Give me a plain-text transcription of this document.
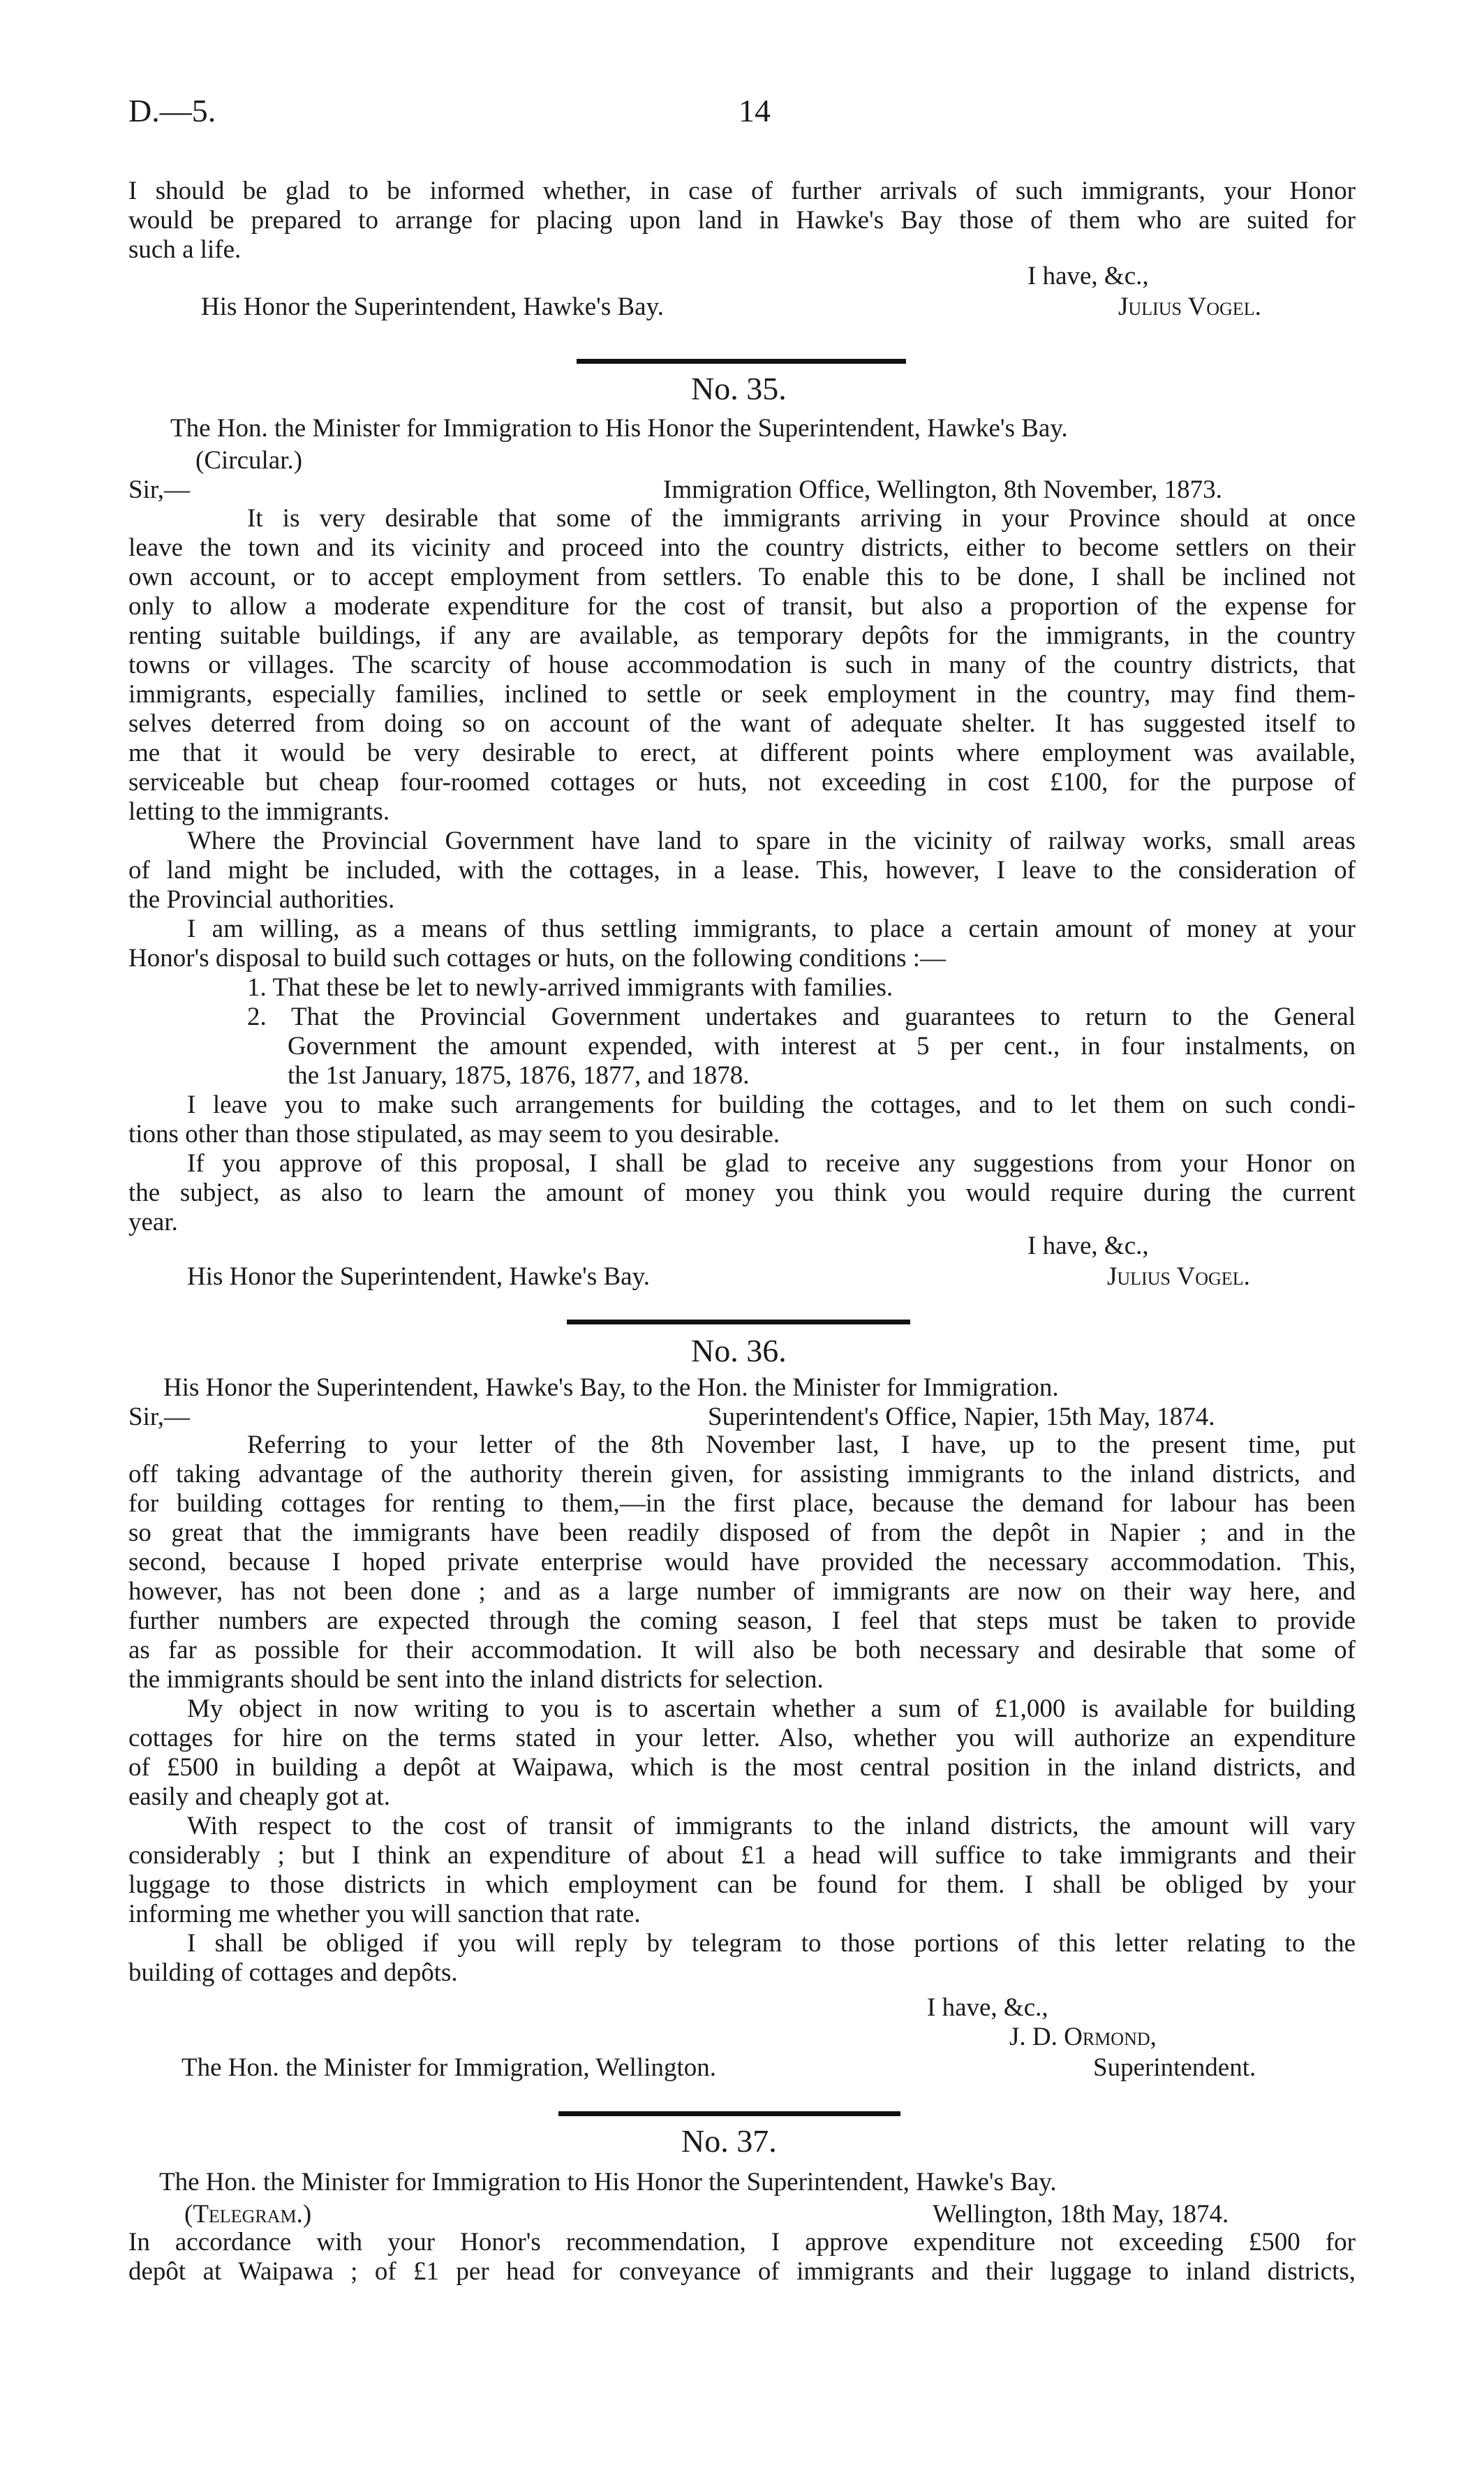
D.—5.	14
I should be glad to be informed whether, in case of further arrivals of such immigrants, your Honor
would be prepared to arrange for placing upon land in Hawke's Bay those of them who are suited for
such a life.
I have, &c.,
His Honor the Superintendent, Hawke's Bay.	Julius Vogel.
No. 35.
The Hon. the Minister for Immigration to His Honor the Superintendent, Hawke's Bay.
(Circular.)
Sir,—	Immigration Office, Wellington, 8th November, 1873.
It is very desirable that some of the immigrants arriving in your Province should at once
leave the town and its vicinity and proceed into the country districts, either to become settlers on their
own account, or to accept employment from settlers. To enable this to be done, I shall be inclined not
only to allow a moderate expenditure for the cost of transit, but also a proportion of the expense for
renting suitable buildings, if any are available, as temporary depôts for the immigrants, in the country
towns or villages. The scarcity of house accommodation is such in many of the country districts, that
immigrants, especially families, inclined to settle or seek employment in the country, may find them-
selves deterred from doing so on account of the want of adequate shelter. It has suggested itself to
me that it would be very desirable to erect, at different points where employment was available,
serviceable but cheap four-roomed cottages or huts, not exceeding in cost £100, for the purpose of
letting to the immigrants.
Where the Provincial Government have land to spare in the vicinity of railway works, small areas
of land might be included, with the cottages, in a lease. This, however, I leave to the consideration of
the Provincial authorities.
I am willing, as a means of thus settling immigrants, to place a certain amount of money at your
Honor's disposal to build such cottages or huts, on the following conditions :—
1. That these be let to newly-arrived immigrants with families.
2. That the Provincial Government undertakes and guarantees to return to the General
Government the amount expended, with interest at 5 per cent., in four instalments, on
the 1st January, 1875, 1876, 1877, and 1878.
I leave you to make such arrangements for building the cottages, and to let them on such condi-
tions other than those stipulated, as may seem to you desirable.
If you approve of this proposal, I shall be glad to receive any suggestions from your Honor on
the subject, as also to learn the amount of money you think you would require during the current
year.
I have, &c.,
His Honor the Superintendent, Hawke's Bay.	Julius Vogel.
No. 36.
His Honor the Superintendent, Hawke's Bay, to the Hon. the Minister for Immigration.
Sir,—	Superintendent's Office, Napier, 15th May, 1874.
Referring to your letter of the 8th November last, I have, up to the present time, put
off taking advantage of the authority therein given, for assisting immigrants to the inland districts, and
for building cottages for renting to them,—in the first place, because the demand for labour has been
so great that the immigrants have been readily disposed of from the depôt in Napier ; and in the
second, because I hoped private enterprise would have provided the necessary accommodation. This,
however, has not been done ; and as a large number of immigrants are now on their way here, and
further numbers are expected through the coming season, I feel that steps must be taken to provide
as far as possible for their accommodation. It will also be both necessary and desirable that some of
the immigrants should be sent into the inland districts for selection.
My object in now writing to you is to ascertain whether a sum of £1,000 is available for building
cottages for hire on the terms stated in your letter. Also, whether you will authorize an expenditure
of £500 in building a depôt at Waipawa, which is the most central position in the inland districts, and
easily and cheaply got at.
With respect to the cost of transit of immigrants to the inland districts, the amount will vary
considerably ; but I think an expenditure of about £1 a head will suffice to take immigrants and their
luggage to those districts in which employment can be found for them. I shall be obliged by your
informing me whether you will sanction that rate.
I shall be obliged if you will reply by telegram to those portions of this letter relating to the
building of cottages and depôts.
I have, &c.,
J. D. Ormond,
The Hon. the Minister for Immigration, Wellington.	Superintendent.
No. 37.
The Hon. the Minister for Immigration to His Honor the Superintendent, Hawke's Bay.
(Telegram.)	Wellington, 18th May, 1874.
In accordance with your Honor's recommendation, I approve expenditure not exceeding £500 for
depôt at Waipawa ; of £1 per head for conveyance of immigrants and their luggage to inland districts,
